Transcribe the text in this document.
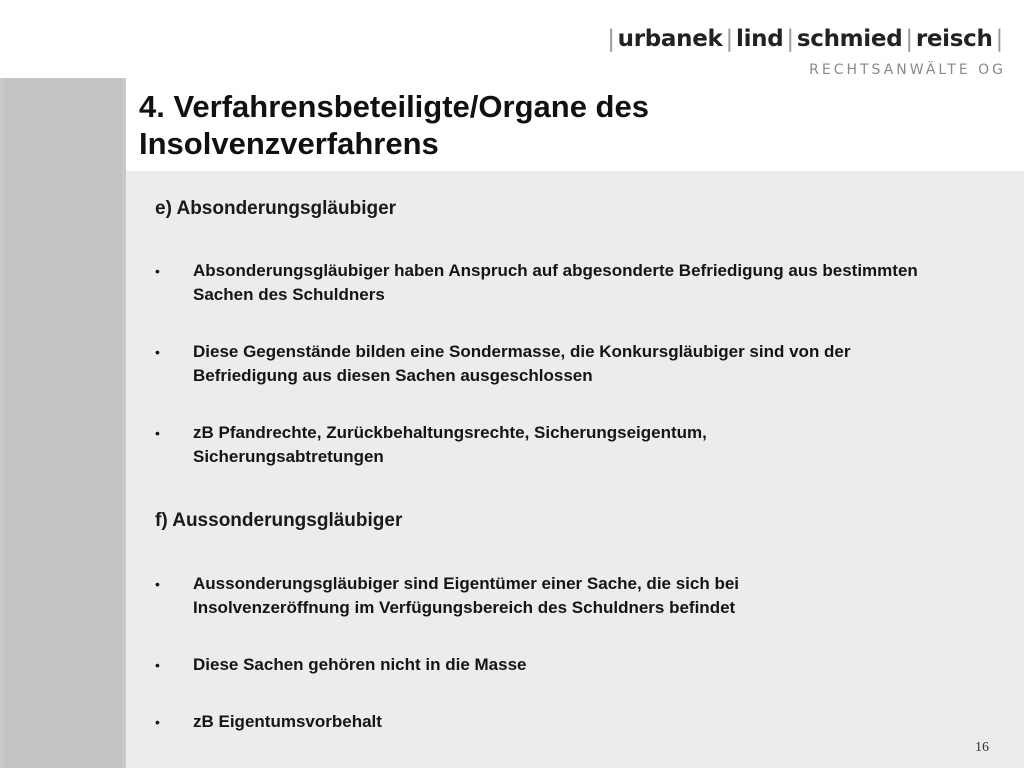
| urbanek | lind | schmied | reisch |
RECHTSANWÄLTE OG
4. Verfahrensbeteiligte/Organe des Insolvenzverfahrens
e) Absonderungsgläubiger
•	Absonderungsgläubiger haben Anspruch auf abgesonderte Befriedigung aus bestimmten Sachen des Schuldners
•	Diese Gegenstände bilden eine Sondermasse, die Konkursgläubiger sind von der Befriedigung aus diesen Sachen ausgeschlossen
•	zB Pfandrechte, Zurückbehaltungsrechte, Sicherungseigentum, Sicherungsabtretungen
f) Aussonderungsgläubiger
•	Aussonderungsgläubiger sind Eigentümer einer Sache, die sich bei Insolvenzeröffnung im Verfügungsbereich des Schuldners befindet
•	Diese Sachen gehören nicht in die Masse
•	zB Eigentumsvorbehalt
16
